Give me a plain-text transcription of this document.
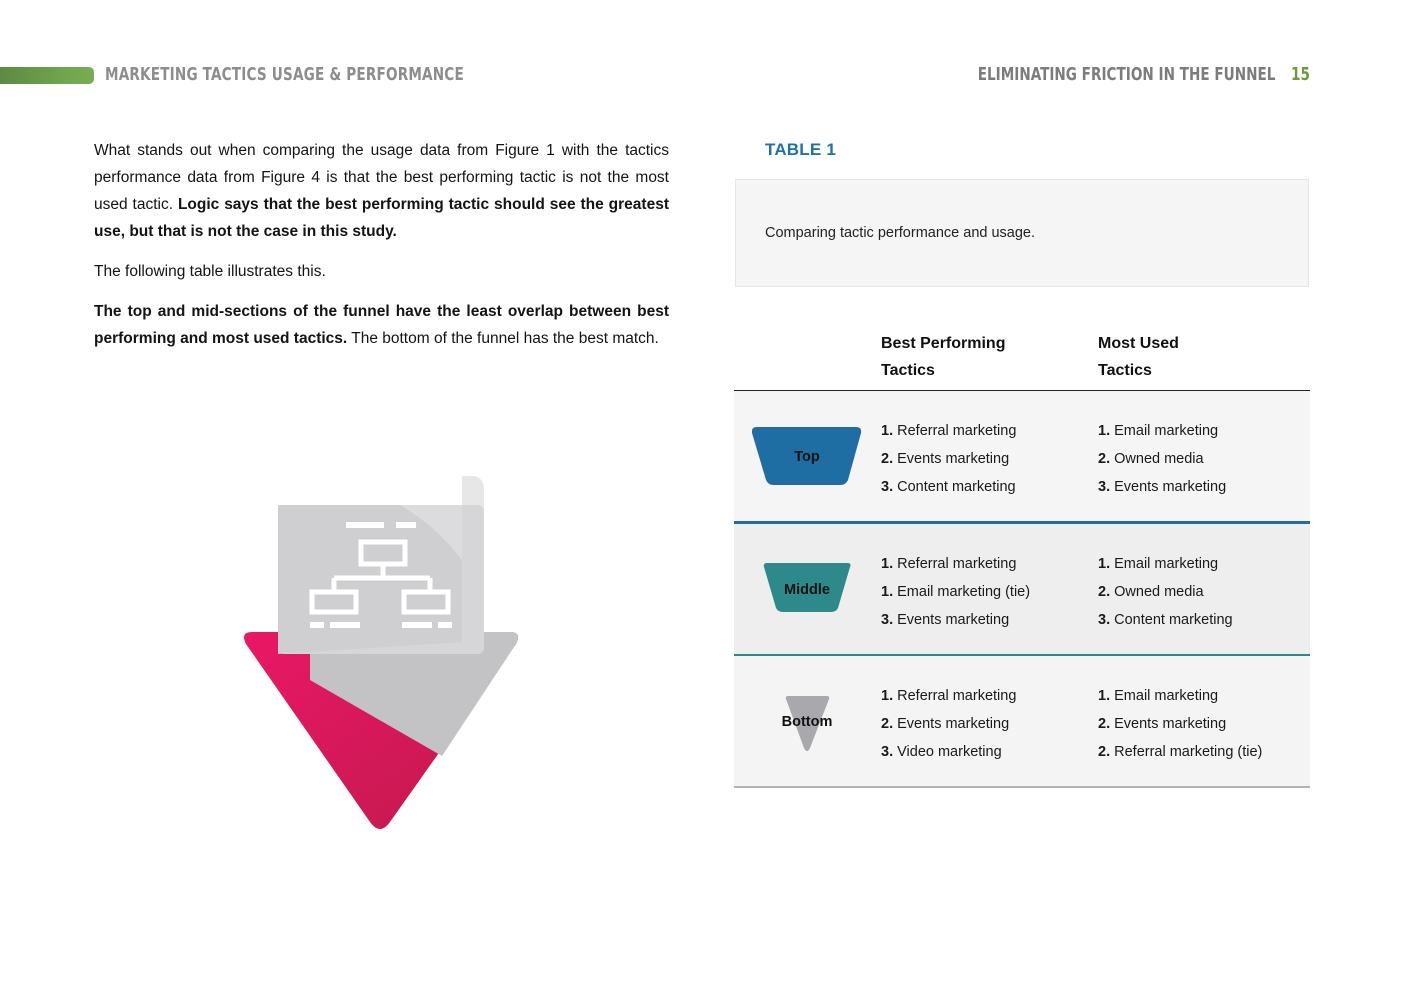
MARKETING TACTICS USAGE & PERFORMANCE	ELIMINATING FRICTION IN THE FUNNEL 15

What stands out when comparing the usage data from Figure 1 with the tactics performance data from Figure 4 is that the best performing tactic is not the most used tactic. Logic says that the best performing tactic should see the greatest use, but that is not the case in this study.

The following table illustrates this.

The top and mid-sections of the funnel have the least overlap between best performing and most used tactics. The bottom of the funnel has the best match.

TABLE 1
Comparing tactic performance and usage.
Best Performing
Tactics
Most Used
Tactics
Top
1. Referral marketing
2. Events marketing
3. Content marketing
1. Email marketing
2. Owned media
3. Events marketing
Middle
1. Referral marketing
1. Email marketing (tie)
3. Events marketing
1. Email marketing
2. Owned media
3. Content marketing
Bottom
1. Referral marketing
2. Events marketing
3. Video marketing
1. Email marketing
2. Events marketing
2. Referral marketing (tie)
